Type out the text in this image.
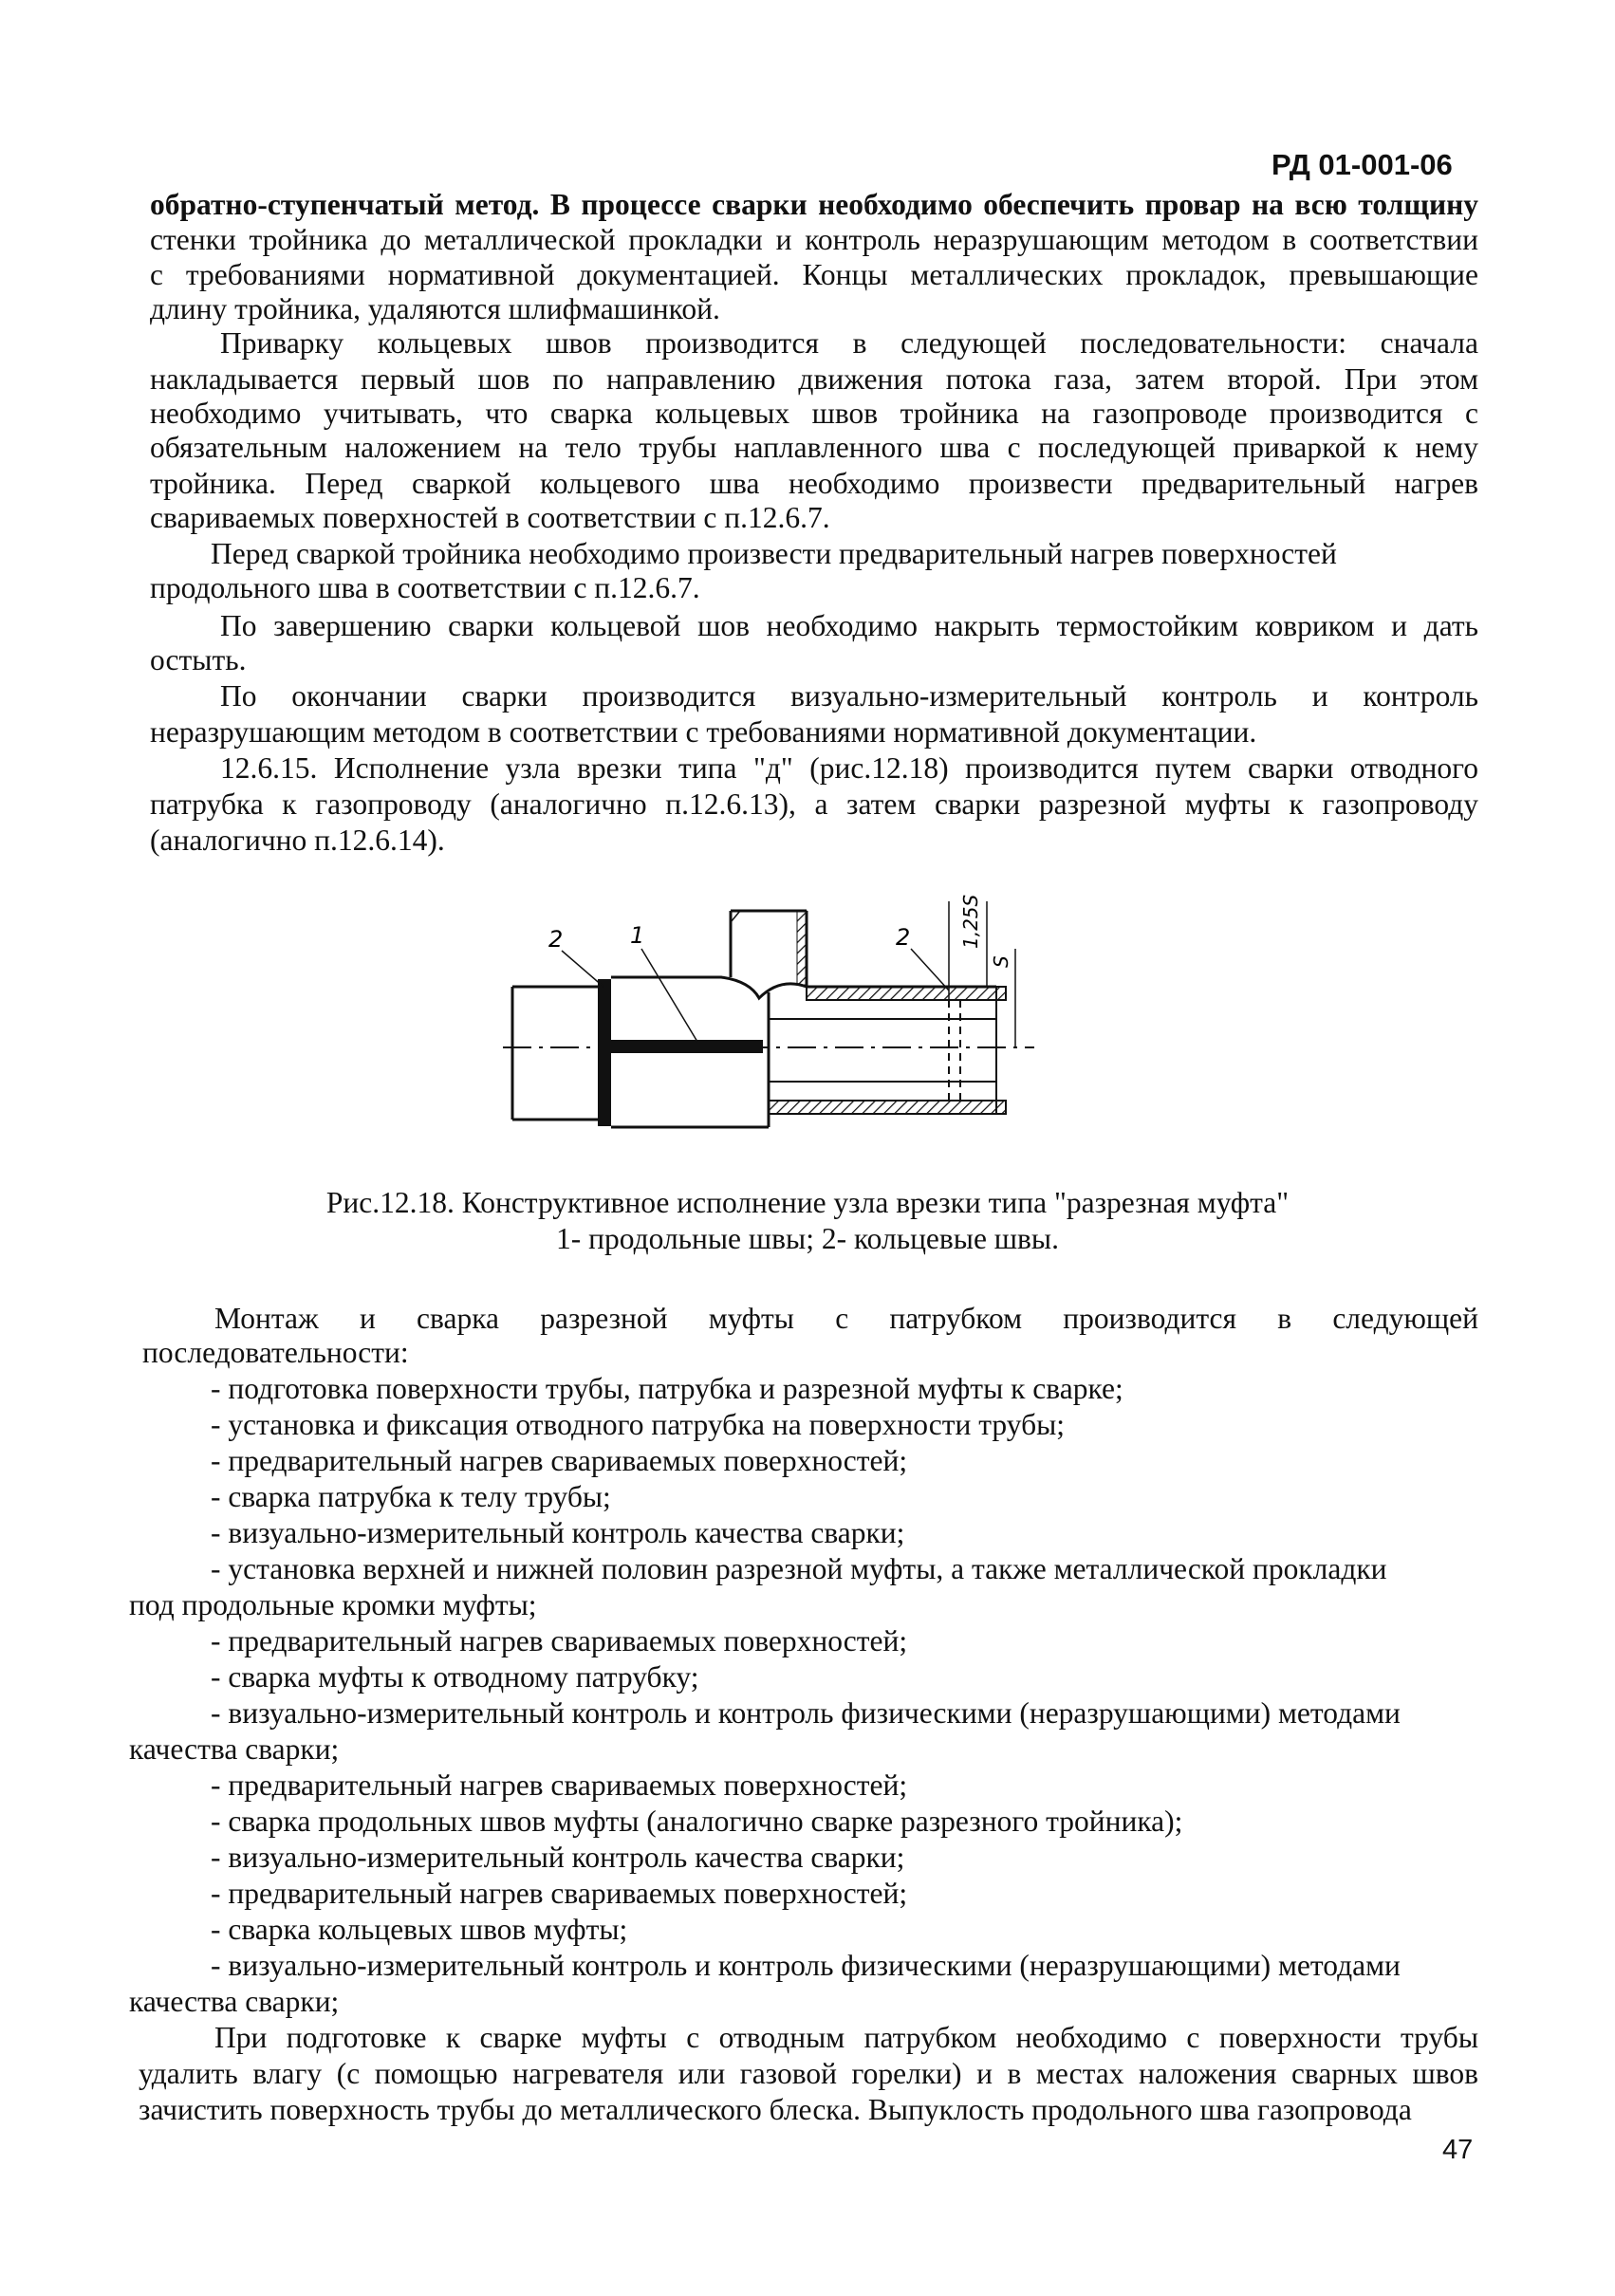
РД 01-001-06
обратно-ступенчатый метод. В процессе сварки необходимо обеспечить провар на всю толщину
стенки тройника до металлической прокладки и контроль неразрушающим методом в соответствии
с требованиями нормативной документацией. Концы металлических прокладок, превышающие
длину тройника, удаляются шлифмашинкой.
Приварку кольцевых швов производится в следующей последовательности: сначала
накладывается первый шов по направлению движения потока газа, затем второй. При этом
необходимо учитывать, что сварка кольцевых швов тройника на газопроводе производится с
обязательным наложением на тело трубы наплавленного шва с последующей приваркой к нему
тройника. Перед сваркой кольцевого шва необходимо произвести предварительный нагрев
свариваемых поверхностей в соответствии с п.12.6.7.
Перед сваркой тройника необходимо произвести предварительный нагрев поверхностей
продольного шва в соответствии с п.12.6.7.
По завершению сварки кольцевой шов необходимо накрыть термостойким ковриком и дать
остыть.
По окончании сварки производится визуально-измерительный контроль и контроль
неразрушающим методом в соответствии с требованиями нормативной документации.
12.6.15. Исполнение узла врезки типа "д" (рис.12.18) производится путем сварки отводного
патрубка к газопроводу (аналогично п.12.6.13), а затем сварки разрезной муфты к газопроводу
(аналогично п.12.6.14).
2	1	2	1,25S
S
Рис.12.18. Конструктивное исполнение узла врезки типа "разрезная муфта"
1- продольные швы; 2- кольцевые швы.
Монтаж и сварка разрезной муфты с патрубком производится в следующей
последовательности:
- подготовка поверхности трубы, патрубка и разрезной муфты к сварке;
- установка и фиксация отводного патрубка на поверхности трубы;
- предварительный нагрев свариваемых поверхностей;
- сварка патрубка к телу трубы;
- визуально-измерительный контроль качества сварки;
- установка верхней и нижней половин разрезной муфты, а также металлической прокладки
под продольные кромки муфты;
- предварительный нагрев свариваемых поверхностей;
- сварка муфты к отводному патрубку;
- визуально-измерительный контроль и контроль физическими (неразрушающими) методами
качества сварки;
- предварительный нагрев свариваемых поверхностей;
- сварка продольных швов муфты (аналогично сварке разрезного тройника);
- визуально-измерительный контроль качества сварки;
- предварительный нагрев свариваемых поверхностей;
- сварка кольцевых швов муфты;
- визуально-измерительный контроль и контроль физическими (неразрушающими) методами
качества сварки;
При подготовке к сварке муфты с отводным патрубком необходимо с поверхности трубы
удалить влагу (с помощью нагревателя или газовой горелки) и в местах наложения сварных швов
зачистить поверхность трубы до металлического блеска. Выпуклость продольного шва газопровода
47
